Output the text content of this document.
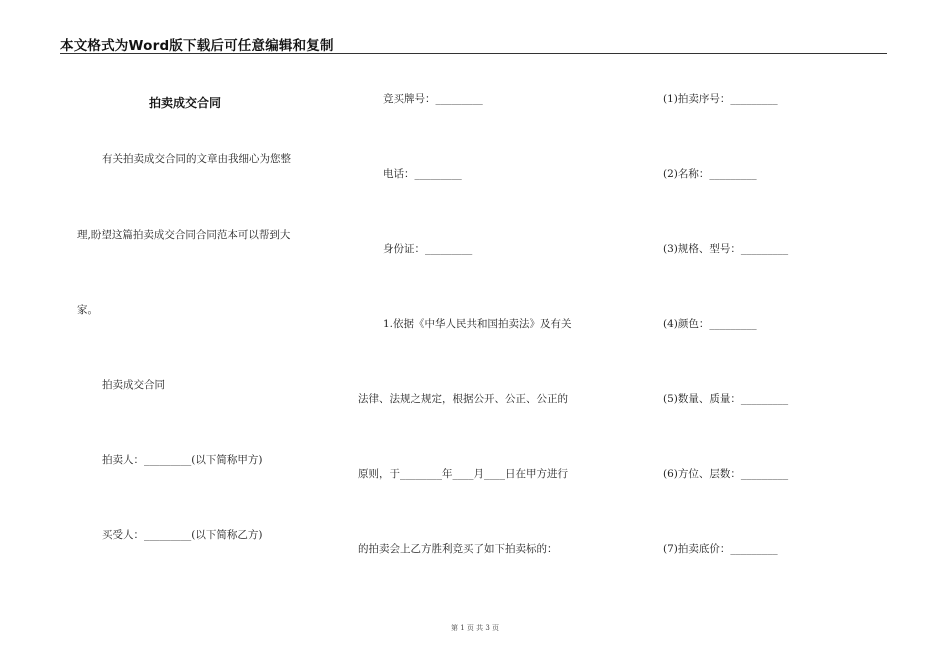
本文格式为Word版下载后可任意编辑和复制
拍卖成交合同
有关拍卖成交合同的文章由我细心为您整
理,盼望这篇拍卖成交合同合同范本可以帮到大
家。
拍卖成交合同
拍卖人：_________(以下简称甲方)
买受人：_________(以下简称乙方)
竞买牌号：_________
电话：_________
身份证：_________
1.依据《中华人民共和国拍卖法》及有关
法律、法规之规定，根据公开、公正、公正的
原则，于________年____月____日在甲方进行
的拍卖会上乙方胜利竞买了如下拍卖标的：
(1)拍卖序号：_________
(2)名称：_________
(3)规格、型号：_________
(4)颜色：_________
(5)数量、质量：_________
(6)方位、层数：_________
(7)拍卖底价：_________
第 1 页 共 3 页
